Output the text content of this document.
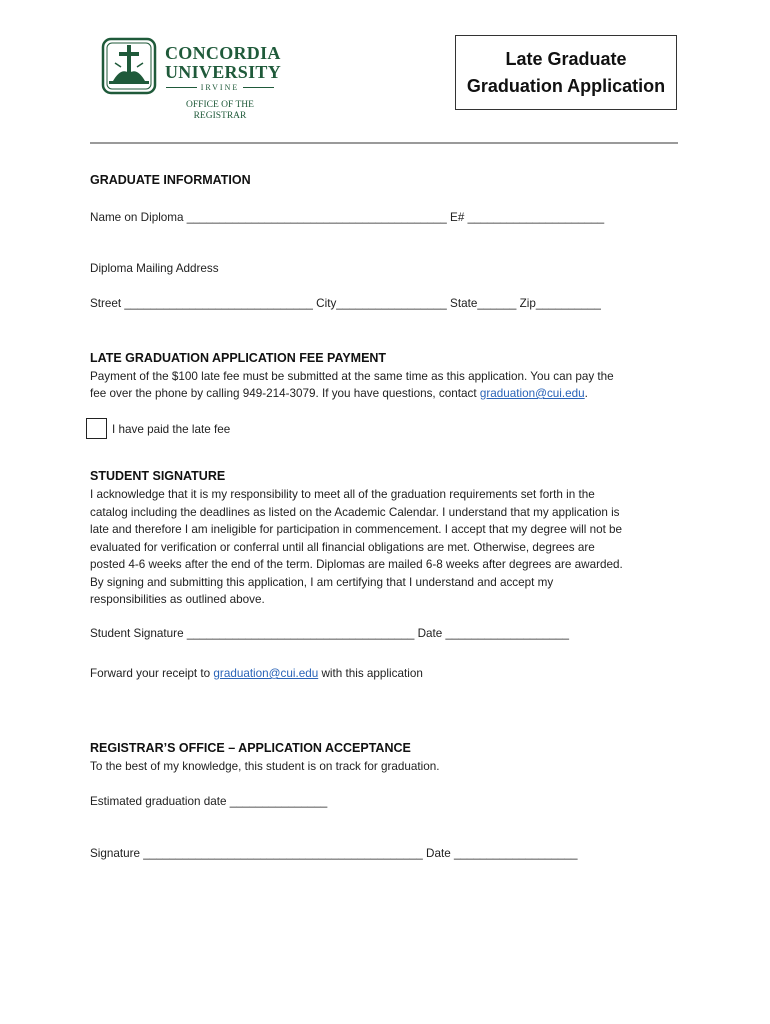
CONCORDIA
UNIVERSITY
IRVINE
OFFICE OF THE
REGISTRAR
Late Graduate
Graduation Application
GRADUATE INFORMATION
Name on Diploma ________________________________________ E# _____________________
Diploma Mailing Address
Street _____________________________ City_________________ State______ Zip__________
LATE GRADUATION APPLICATION FEE PAYMENT
Payment of the $100 late fee must be submitted at the same time as this application. You can pay the
fee over the phone by calling 949-214-3079. If you have questions, contact graduation@cui.edu.
I have paid the late fee
STUDENT SIGNATURE
I acknowledge that it is my responsibility to meet all of the graduation requirements set forth in the
catalog including the deadlines as listed on the Academic Calendar. I understand that my application is
late and therefore I am ineligible for participation in commencement. I accept that my degree will not be
evaluated for verification or conferral until all financial obligations are met. Otherwise, degrees are
posted 4-6 weeks after the end of the term. Diplomas are mailed 6-8 weeks after degrees are awarded.
By signing and submitting this application, I am certifying that I understand and accept my
responsibilities as outlined above.
Student Signature ___________________________________ Date ___________________
Forward your receipt to graduation@cui.edu with this application
REGISTRAR’S OFFICE – APPLICATION ACCEPTANCE
To the best of my knowledge, this student is on track for graduation.
Estimated graduation date _______________
Signature ___________________________________________ Date ___________________
